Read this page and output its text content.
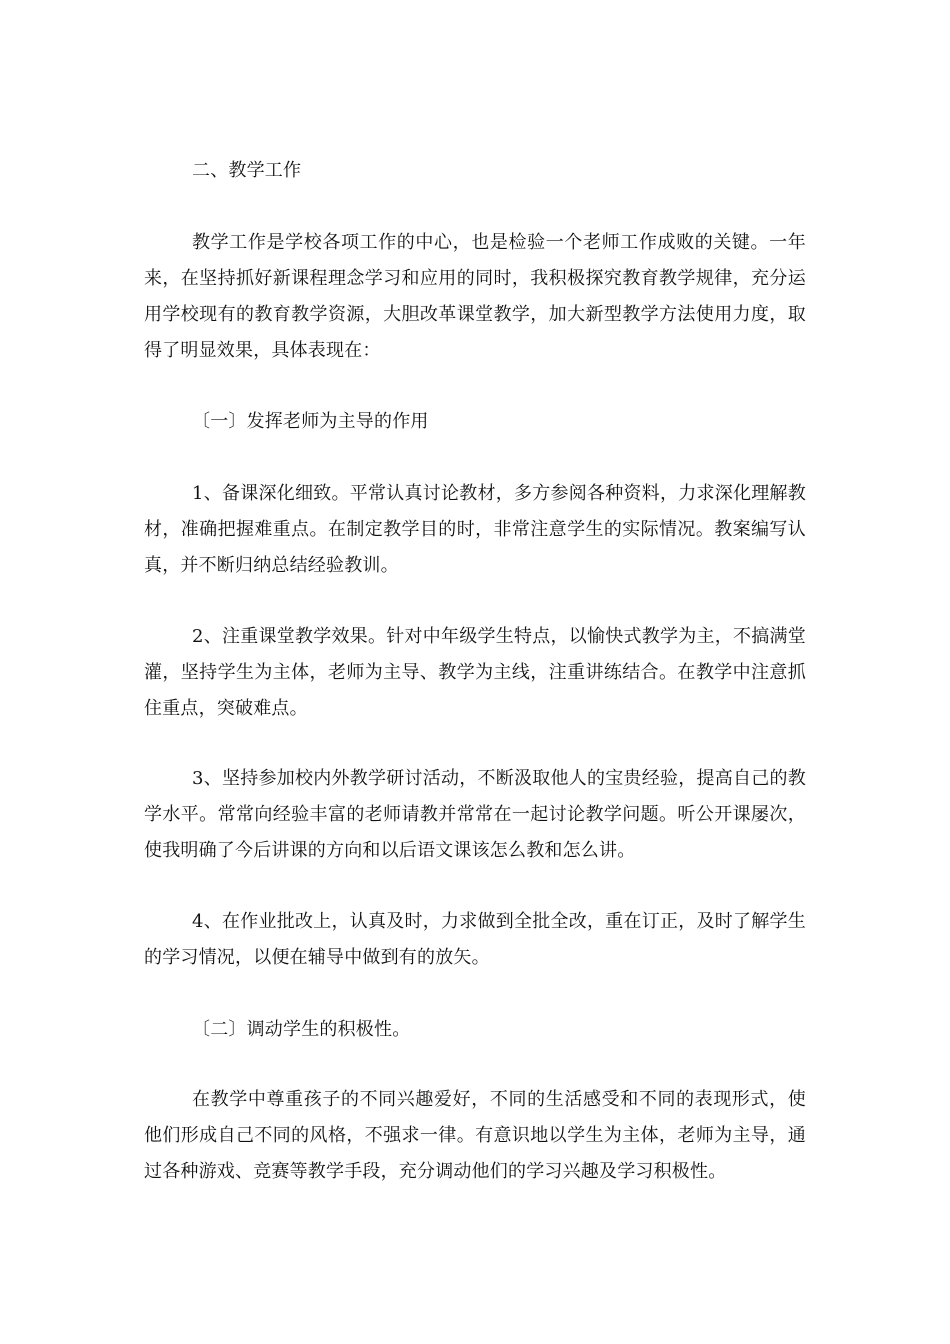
二、教学工作

教学工作是学校各项工作的中心，也是检验一个老师工作成败的关键。一年来，在坚持抓好新课程理念学习和应用的同时，我积极探究教育教学规律，充分运用学校现有的教育教学资源，大胆改革课堂教学，加大新型教学方法使用力度，取得了明显效果，具体表现在：

〔一〕发挥老师为主导的作用

1、备课深化细致。平常认真讨论教材，多方参阅各种资料，力求深化理解教材，准确把握难重点。在制定教学目的时，非常注意学生的实际情况。教案编写认真，并不断归纳总结经验教训。

2、注重课堂教学效果。针对中年级学生特点，以愉快式教学为主，不搞满堂灌，坚持学生为主体，老师为主导、教学为主线，注重讲练结合。在教学中注意抓住重点，突破难点。

3、坚持参加校内外教学研讨活动，不断汲取他人的宝贵经验，提高自己的教学水平。常常向经验丰富的老师请教并常常在一起讨论教学问题。听公开课屡次，使我明确了今后讲课的方向和以后语文课该怎么教和怎么讲。

4、在作业批改上，认真及时，力求做到全批全改，重在订正，及时了解学生的学习情况，以便在辅导中做到有的放矢。

〔二〕调动学生的积极性。

在教学中尊重孩子的不同兴趣爱好，不同的生活感受和不同的表现形式，使他们形成自己不同的风格，不强求一律。有意识地以学生为主体，老师为主导，通过各种游戏、竞赛等教学手段，充分调动他们的学习兴趣及学习积极性。
